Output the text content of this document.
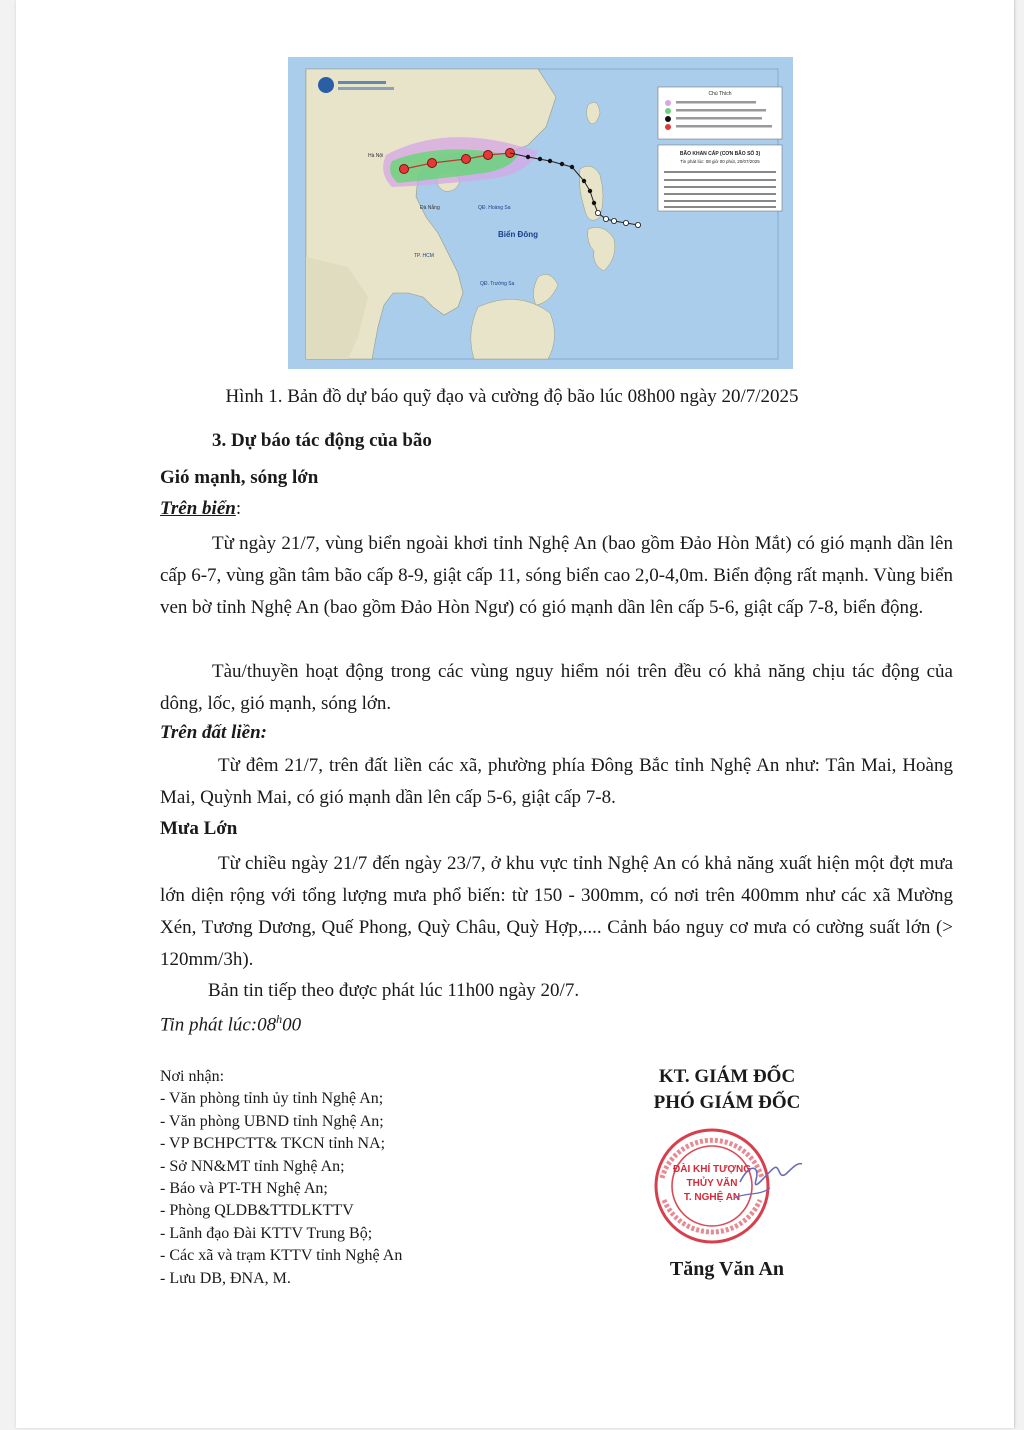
Chú Thích
BÃO KHẨN CẤP (CƠN BÃO SỐ 3)
Tin phát lúc: 08 giờ 00 phút, 20/07/2025
Biển Đông
QĐ. Hoàng Sa
QĐ. Trường Sa
Hà Nội
Đà Nẵng
TP. HCM
Hình 1. Bản đồ dự báo quỹ đạo và cường độ bão lúc 08h00 ngày 20/7/2025
3. Dự báo tác động của bão
Gió mạnh, sóng lớn
Trên biển:
Từ ngày 21/7, vùng biển ngoài khơi tỉnh Nghệ An (bao gồm Đảo Hòn Mắt) có gió mạnh dần lên cấp 6-7, vùng gần tâm bão cấp 8-9, giật cấp 11, sóng biển cao 2,0-4,0m. Biển động rất mạnh. Vùng biển ven bờ tỉnh Nghệ An (bao gồm Đảo Hòn Ngư) có gió mạnh dần lên cấp 5-6, giật cấp 7-8, biển động.
Tàu/thuyền hoạt động trong các vùng nguy hiểm nói trên đều có khả năng chịu tác động của dông, lốc, gió mạnh, sóng lớn.
Trên đất liền:
Từ đêm 21/7, trên đất liền các xã, phường phía Đông Bắc tỉnh Nghệ An như: Tân Mai, Hoàng Mai, Quỳnh Mai, có gió mạnh dần lên cấp 5-6, giật cấp 7-8.
Mưa Lớn
Từ chiều ngày 21/7 đến ngày 23/7, ở khu vực tỉnh Nghệ An có khả năng xuất hiện một đợt mưa lớn diện rộng với tổng lượng mưa phổ biến: từ 150 - 300mm, có nơi trên 400mm như các xã Mường Xén, Tương Dương, Quế Phong, Quỳ Châu, Quỳ Hợp,.... Cảnh báo nguy cơ mưa có cường suất lớn (> 120mm/3h).
Bản tin tiếp theo được phát lúc 11h00 ngày 20/7.
Tin phát lúc:08$^h$00
Nơi nhận:
- Văn phòng tỉnh ủy tỉnh Nghệ An;
- Văn phòng UBND tỉnh Nghệ An;
- VP BCHPCTT& TKCN tỉnh NA;
- Sở NN&MT tỉnh Nghệ An;
- Báo và PT-TH Nghệ An;
- Phòng QLDB&TTDLKTTV
- Lãnh đạo Đài KTTV Trung Bộ;
- Các xã và trạm KTTV tỉnh Nghệ An
- Lưu DB, ĐNA, M.
KT. GIÁM ĐỐC
PHÓ GIÁM ĐỐC
ĐÀI KHÍ TƯỢNG
THỦY VĂN
T. NGHỆ AN
Tăng Văn An
